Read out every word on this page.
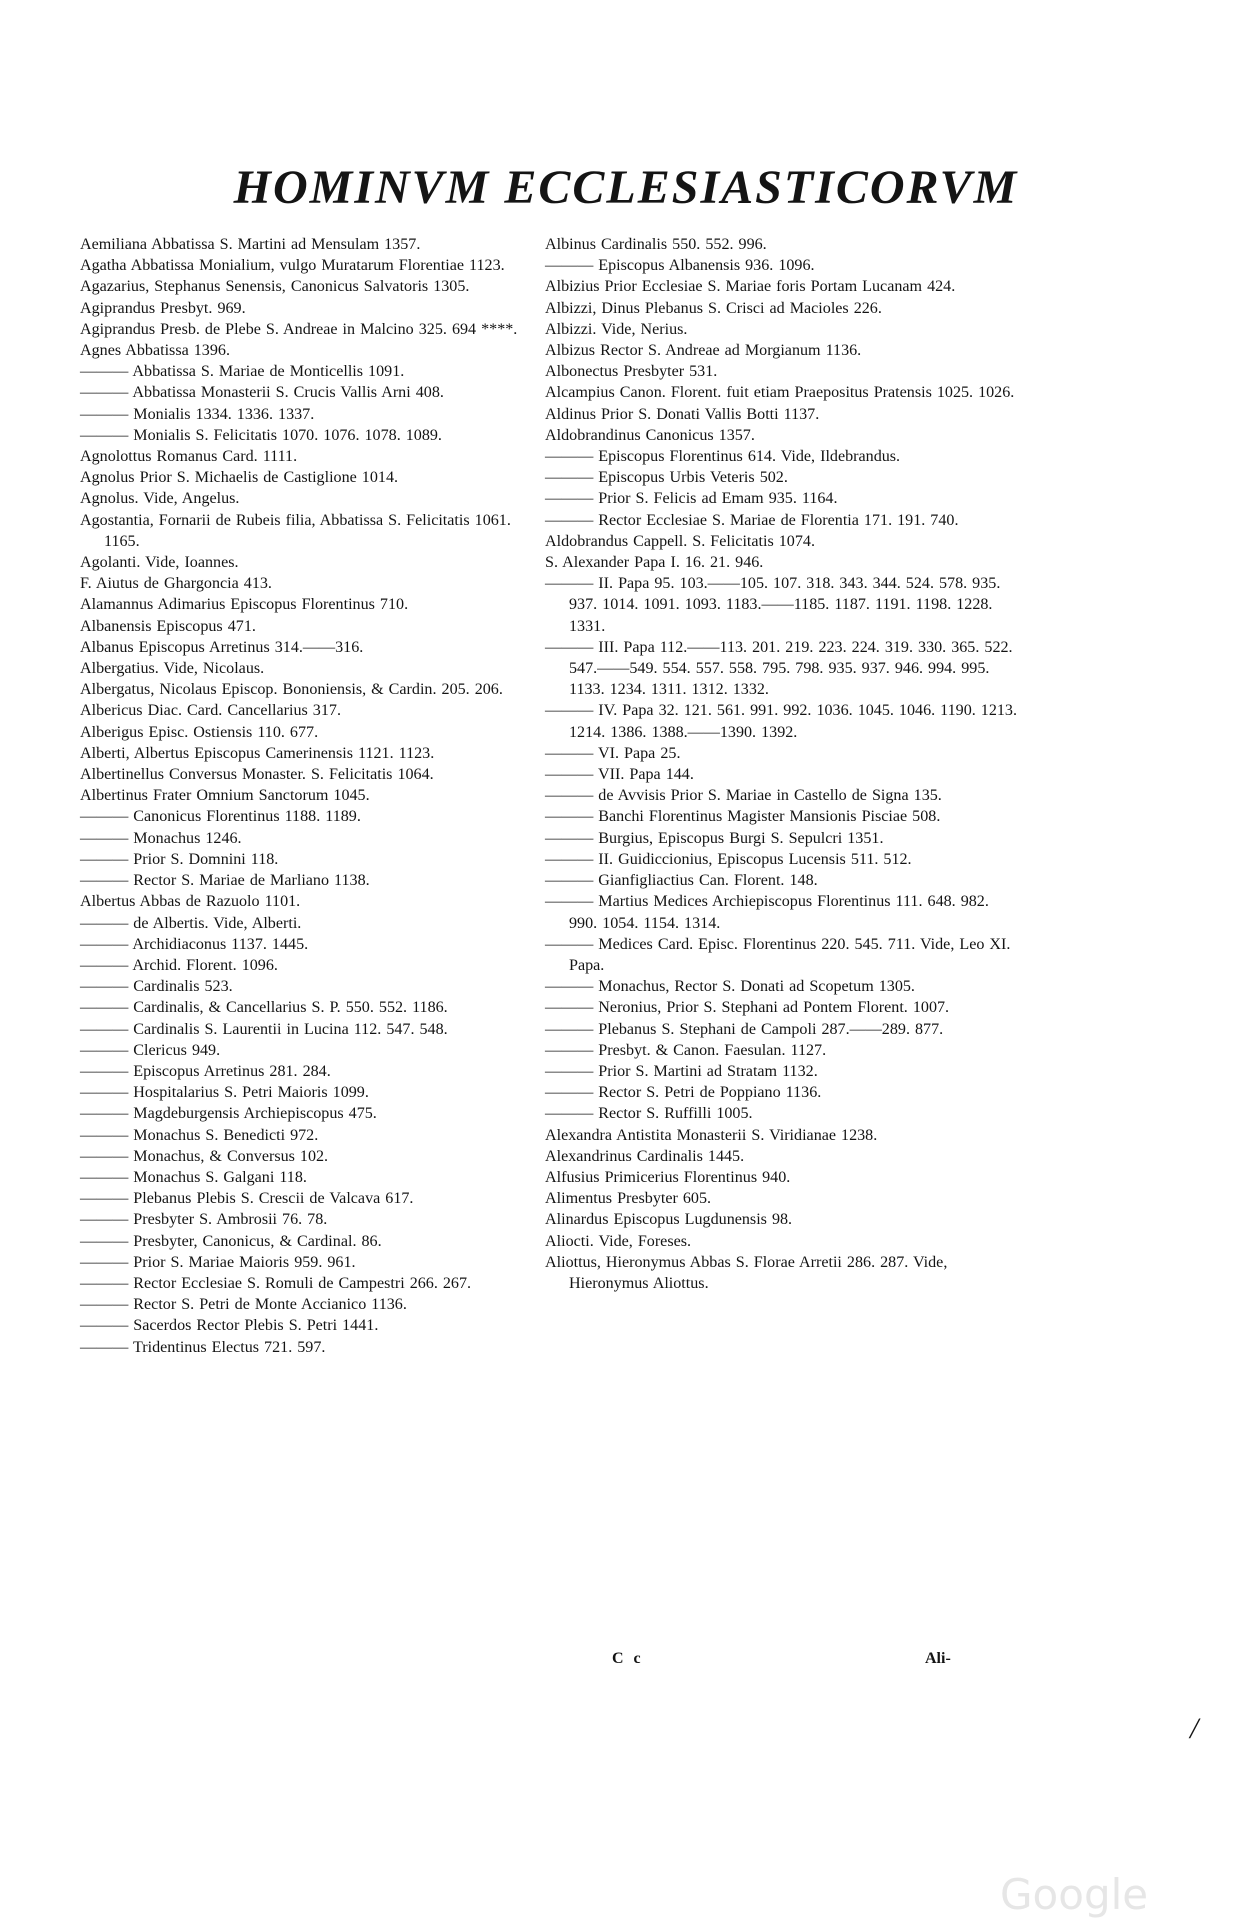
HOMINVM ECCLESIASTICORVM

Aemiliana Abbatissa S. Martini ad Mensulam 1357.

Agatha Abbatissa Monialium, vulgo Muratarum Florentiae 1123.

Agazarius, Stephanus Senensis, Canonicus Salvatoris 1305.

Agiprandus Presbyt. 969.

Agiprandus Presb. de Plebe S. Andreae in Malcino 325. 694 ****.

Agnes Abbatissa 1396.

——— Abbatissa S. Mariae de Monticellis 1091.

——— Abbatissa Monasterii S. Crucis Vallis Arni 408.

——— Monialis 1334. 1336. 1337.

——— Monialis S. Felicitatis 1070. 1076. 1078. 1089.

Agnolottus Romanus Card. 1111.

Agnolus Prior S. Michaelis de Castiglione 1014.

Agnolus. Vide, Angelus.

Agostantia, Fornarii de Rubeis filia, Abbatissa S. Felicitatis 1061. 1165.

Agolanti. Vide, Ioannes.

F. Aiutus de Ghargoncia 413.

Alamannus Adimarius Episcopus Florentinus 710.

Albanensis Episcopus 471.

Albanus Episcopus Arretinus 314.——316.

Albergatius. Vide, Nicolaus.

Albergatus, Nicolaus Episcop. Bononiensis, & Cardin. 205. 206.

Albericus Diac. Card. Cancellarius 317.

Alberigus Episc. Ostiensis 110. 677.

Alberti, Albertus Episcopus Camerinensis 1121. 1123.

Albertinellus Conversus Monaster. S. Felicitatis 1064.

Albertinus Frater Omnium Sanctorum 1045.

——— Canonicus Florentinus 1188. 1189.

——— Monachus 1246.

——— Prior S. Domnini 118.

——— Rector S. Mariae de Marliano 1138.

Albertus Abbas de Razuolo 1101.

——— de Albertis. Vide, Alberti.

——— Archidiaconus 1137. 1445.

——— Archid. Florent. 1096.

——— Cardinalis 523.

——— Cardinalis, & Cancellarius S. P. 550. 552. 1186.

——— Cardinalis S. Laurentii in Lucina 112. 547. 548.

——— Clericus 949.

——— Episcopus Arretinus 281. 284.

——— Hospitalarius S. Petri Maioris 1099.

——— Magdeburgensis Archiepiscopus 475.

——— Monachus S. Benedicti 972.

——— Monachus, & Conversus 102.

——— Monachus S. Galgani 118.

——— Plebanus Plebis S. Crescii de Valcava 617.

——— Presbyter S. Ambrosii 76. 78.

——— Presbyter, Canonicus, & Cardinal. 86.

——— Prior S. Mariae Maioris 959. 961.

——— Rector Ecclesiae S. Romuli de Campestri 266. 267.

——— Rector S. Petri de Monte Accianico 1136.

——— Sacerdos Rector Plebis S. Petri 1441.

——— Tridentinus Electus 721. 597.

Albinus Cardinalis 550. 552. 996.

——— Episcopus Albanensis 936. 1096.

Albizius Prior Ecclesiae S. Mariae foris Portam Lucanam 424.

Albizzi, Dinus Plebanus S. Crisci ad Macioles 226.

Albizzi. Vide, Nerius.

Albizus Rector S. Andreae ad Morgianum 1136.

Albonectus Presbyter 531.

Alcampius Canon. Florent. fuit etiam Praepositus Pratensis 1025. 1026.

Aldinus Prior S. Donati Vallis Botti 1137.

Aldobrandinus Canonicus 1357.

——— Episcopus Florentinus 614. Vide, Ildebrandus.

——— Episcopus Urbis Veteris 502.

——— Prior S. Felicis ad Emam 935. 1164.

——— Rector Ecclesiae S. Mariae de Florentia 171. 191. 740.

Aldobrandus Cappell. S. Felicitatis 1074.

S. Alexander Papa I. 16. 21. 946.

——— II. Papa 95. 103.——105. 107. 318. 343. 344. 524. 578. 935. 937. 1014. 1091. 1093. 1183.——1185. 1187. 1191. 1198. 1228. 1331.

——— III. Papa 112.——113. 201. 219. 223. 224. 319. 330. 365. 522. 547.——549. 554. 557. 558. 795. 798. 935. 937. 946. 994. 995. 1133. 1234. 1311. 1312. 1332.

——— IV. Papa 32. 121. 561. 991. 992. 1036. 1045. 1046. 1190. 1213. 1214. 1386. 1388.——1390. 1392.

——— VI. Papa 25.

——— VII. Papa 144.

——— de Avvisis Prior S. Mariae in Castello de Signa 135.

——— Banchi Florentinus Magister Mansionis Pisciae 508.

——— Burgius, Episcopus Burgi S. Sepulcri 1351.

——— II. Guidiccionius, Episcopus Lucensis 511. 512.

——— Gianfigliactius Can. Florent. 148.

——— Martius Medices Archiepiscopus Florentinus 111. 648. 982. 990. 1054. 1154. 1314.

——— Medices Card. Episc. Florentinus 220. 545. 711. Vide, Leo XI. Papa.

——— Monachus, Rector S. Donati ad Scopetum 1305.

——— Neronius, Prior S. Stephani ad Pontem Florent. 1007.

——— Plebanus S. Stephani de Campoli 287.——289. 877.

——— Presbyt. & Canon. Faesulan. 1127.

——— Prior S. Martini ad Stratam 1132.

——— Rector S. Petri de Poppiano 1136.

——— Rector S. Ruffilli 1005.

Alexandra Antistita Monasterii S. Viridianae 1238.

Alexandrinus Cardinalis 1445.

Alfusius Primicerius Florentinus 940.

Alimentus Presbyter 605.

Alinardus Episcopus Lugdunensis 98.

Aliocti. Vide, Foreses.

Aliottus, Hieronymus Abbas S. Florae Arretii 286. 287. Vide, Hieronymus Aliottus.

C c	Ali-
/
Google
